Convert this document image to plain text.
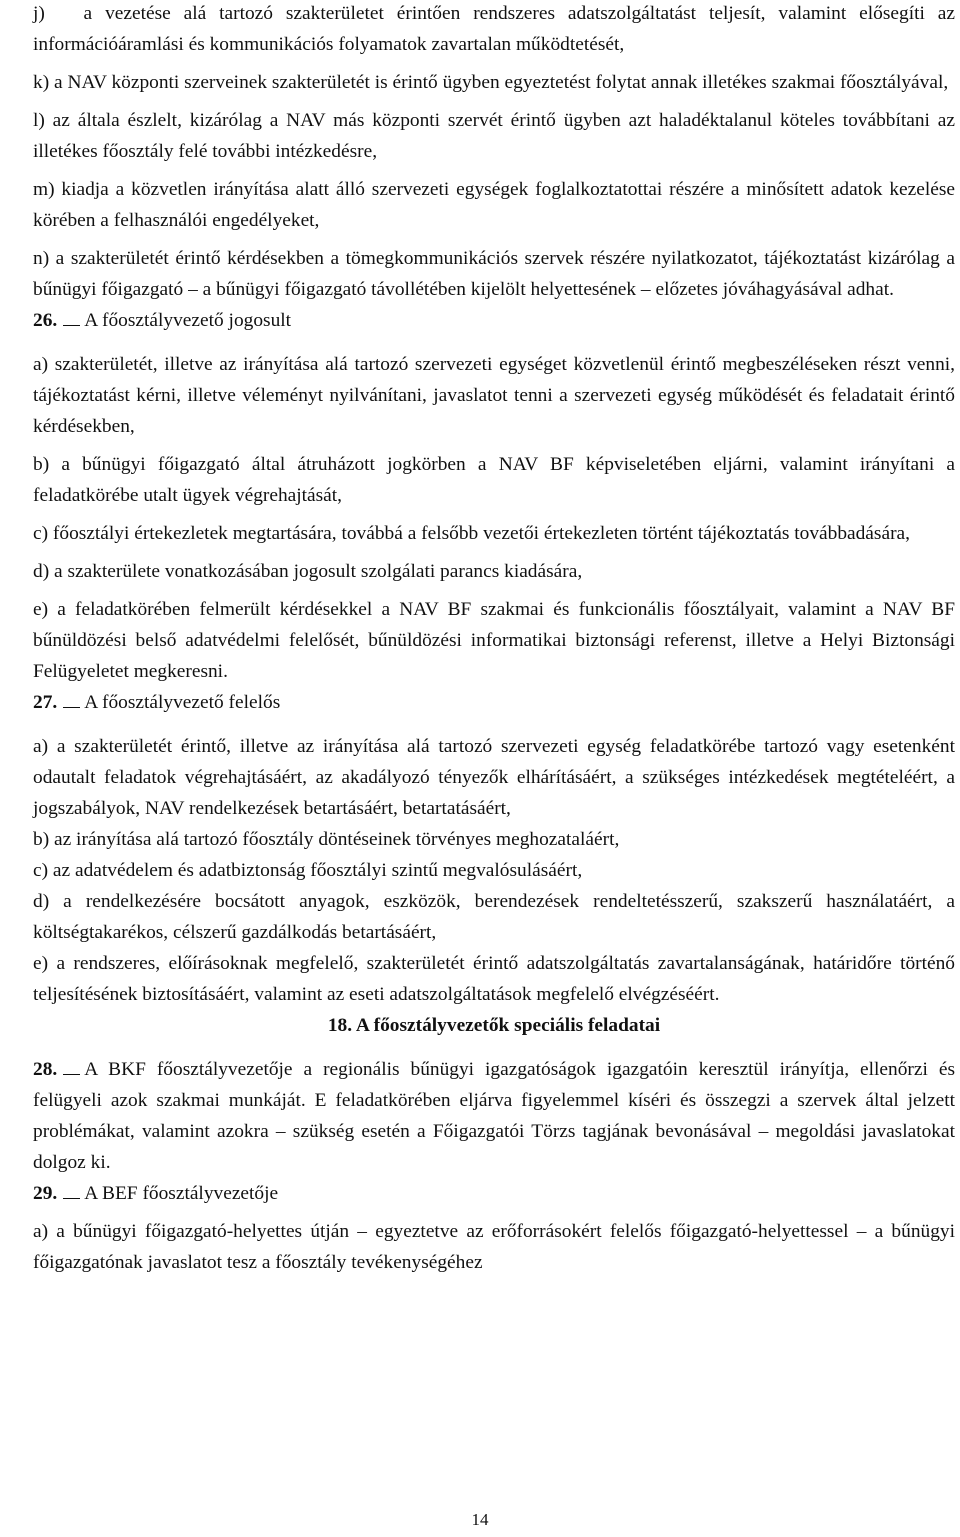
j)   a vezetése alá tartozó szakterületet érintően rendszeres adatszolgáltatást teljesít, valamint elősegíti az információáramlási és kommunikációs folyamatok zavartalan működtetését,

k) a NAV központi szerveinek szakterületét is érintő ügyben egyeztetést folytat annak illetékes szakmai főosztályával,

l) az általa észlelt, kizárólag a NAV más központi szervét érintő ügyben azt haladéktalanul köteles továbbítani az illetékes főosztály felé további intézkedésre,

m) kiadja a közvetlen irányítása alatt álló szervezeti egységek foglalkoztatottai részére a minősített adatok kezelése körében a felhasználói engedélyeket,

n) a szakterületét érintő kérdésekben a tömegkommunikációs szervek részére nyilatkozatot, tájékoztatást kizárólag a bűnügyi főigazgató – a bűnügyi főigazgató távollétében kijelölt helyettesének – előzetes jóváhagyásával adhat.

26. A főosztályvezető jogosult

a) szakterületét, illetve az irányítása alá tartozó szervezeti egységet közvetlenül érintő megbeszéléseken részt venni, tájékoztatást kérni, illetve véleményt nyilvánítani, javaslatot tenni a szervezeti egység működését és feladatait érintő kérdésekben,

b) a bűnügyi főigazgató által átruházott jogkörben a NAV BF képviseletében eljárni, valamint irányítani a feladatkörébe utalt ügyek végrehajtását,

c) főosztályi értekezletek megtartására, továbbá a felsőbb vezetői értekezleten történt tájékoztatás továbbadására,

d) a szakterülete vonatkozásában jogosult szolgálati parancs kiadására,

e) a feladatkörében felmerült kérdésekkel a NAV BF szakmai és funkcionális főosztályait, valamint a NAV BF bűnüldözési belső adatvédelmi felelősét, bűnüldözési informatikai biztonsági referenst, illetve a Helyi Biztonsági Felügyeletet megkeresni.

27. A főosztályvezető felelős

a) a szakterületét érintő, illetve az irányítása alá tartozó szervezeti egység feladatkörébe tartozó vagy esetenként odautalt feladatok végrehajtásáért, az akadályozó tényezők elhárításáért, a szükséges intézkedések megtételéért, a jogszabályok, NAV rendelkezések betartásáért, betartatásáért,

b) az irányítása alá tartozó főosztály döntéseinek törvényes meghozataláért,

c) az adatvédelem és adatbiztonság főosztályi szintű megvalósulásáért,

d) a rendelkezésére bocsátott anyagok, eszközök, berendezések rendeltetésszerű, szakszerű használatáért, a költségtakarékos, célszerű gazdálkodás betartásáért,

e) a rendszeres, előírásoknak megfelelő, szakterületét érintő adatszolgáltatás zavartalanságának, határidőre történő teljesítésének biztosításáért, valamint az eseti adatszolgáltatások megfelelő elvégzéséért.

18. A főosztályvezetők speciális feladatai

28. A BKF főosztályvezetője a regionális bűnügyi igazgatóságok igazgatóin keresztül irányítja, ellenőrzi és felügyeli azok szakmai munkáját. E feladatkörében eljárva figyelemmel kíséri és összegzi a szervek által jelzett problémákat, valamint azokra – szükség esetén a Főigazgatói Törzs tagjának bevonásával – megoldási javaslatokat dolgoz ki.

29. A BEF főosztályvezetője

a) a bűnügyi főigazgató-helyettes útján – egyeztetve az erőforrásokért felelős főigazgató-helyettessel – a bűnügyi főigazgatónak javaslatot tesz a főosztály tevékenységéhez

14
